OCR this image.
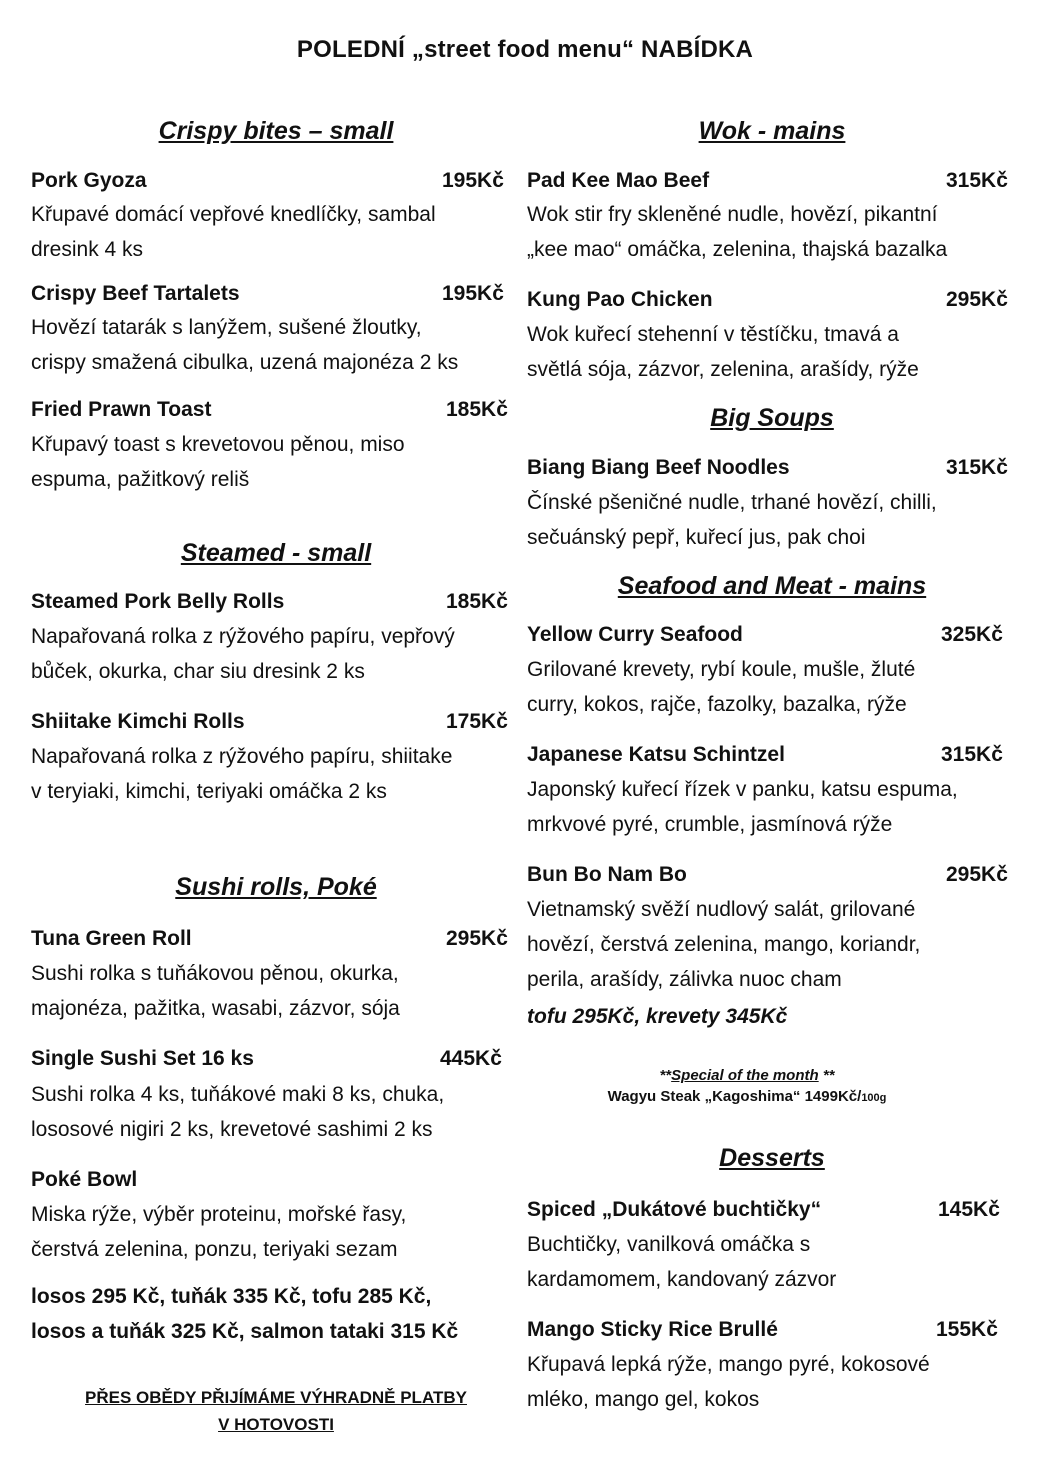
POLEDNÍ „street food menu“ NABÍDKA
Crispy bites – small
Pork Gyoza	195Kč
Křupavé domácí vepřové knedlíčky, sambal
dresink 4 ks
Crispy Beef Tartalets	195Kč
Hovězí tatarák s lanýžem, sušené žloutky,
crispy smažená cibulka, uzená majonéza 2 ks
Fried Prawn Toast	185Kč
Křupavý toast s krevetovou pěnou, miso
espuma, pažitkový reliš
Steamed - small
Steamed Pork Belly Rolls	185Kč
Napařovaná rolka z rýžového papíru, vepřový
bůček, okurka, char siu dresink 2 ks
Shiitake Kimchi Rolls	175Kč
Napařovaná rolka z rýžového papíru, shiitake
v teryiaki, kimchi, teriyaki omáčka 2 ks
Sushi rolls, Poké
Tuna Green Roll	295Kč
Sushi rolka s tuňákovou pěnou, okurka,
majonéza, pažitka, wasabi, zázvor, sója
Single Sushi Set 16 ks	445Kč
Sushi rolka 4 ks, tuňákové maki 8 ks, chuka,
lososové nigiri 2 ks, krevetové sashimi 2 ks
Poké Bowl
Miska rýže, výběr proteinu, mořské řasy,
čerstvá zelenina, ponzu, teriyaki sezam
losos 295 Kč, tuňák 335 Kč, tofu 285 Kč,
losos a tuňák 325 Kč, salmon tataki 315 Kč
PŘES OBĚDY PŘIJÍMÁME VÝHRADNĚ PLATBY
V HOTOVOSTI
Wok - mains
Pad Kee Mao Beef	315Kč
Wok stir fry skleněné nudle, hovězí, pikantní
„kee mao“ omáčka, zelenina, thajská bazalka
Kung Pao Chicken	295Kč
Wok kuřecí stehenní v těstíčku, tmavá a
světlá sója, zázvor, zelenina, arašídy, rýže
Big Soups
Biang Biang Beef Noodles	315Kč
Čínské pšeničné nudle, trhané hovězí, chilli,
sečuánský pepř, kuřecí jus, pak choi
Seafood and Meat - mains
Yellow Curry Seafood	325Kč
Grilované krevety, rybí koule, mušle, žluté
curry, kokos, rajče, fazolky, bazalka, rýže
Japanese Katsu Schintzel	315Kč
Japonský kuřecí řízek v panku, katsu espuma,
mrkvové pyré, crumble, jasmínová rýže
Bun Bo Nam Bo	295Kč
Vietnamský svěží nudlový salát, grilované
hovězí, čerstvá zelenina, mango, koriandr,
perila, arašídy, zálivka nuoc cham
tofu 295Kč, krevety 345Kč
**Special of the month **
Wagyu Steak „Kagoshima“ 1499Kč/100g
Desserts
Spiced „Dukátové buchtičky“	145Kč
Buchtičky, vanilková omáčka s
kardamomem, kandovaný zázvor
Mango Sticky Rice Brullé	155Kč
Křupavá lepká rýže, mango pyré, kokosové
mléko, mango gel, kokos
